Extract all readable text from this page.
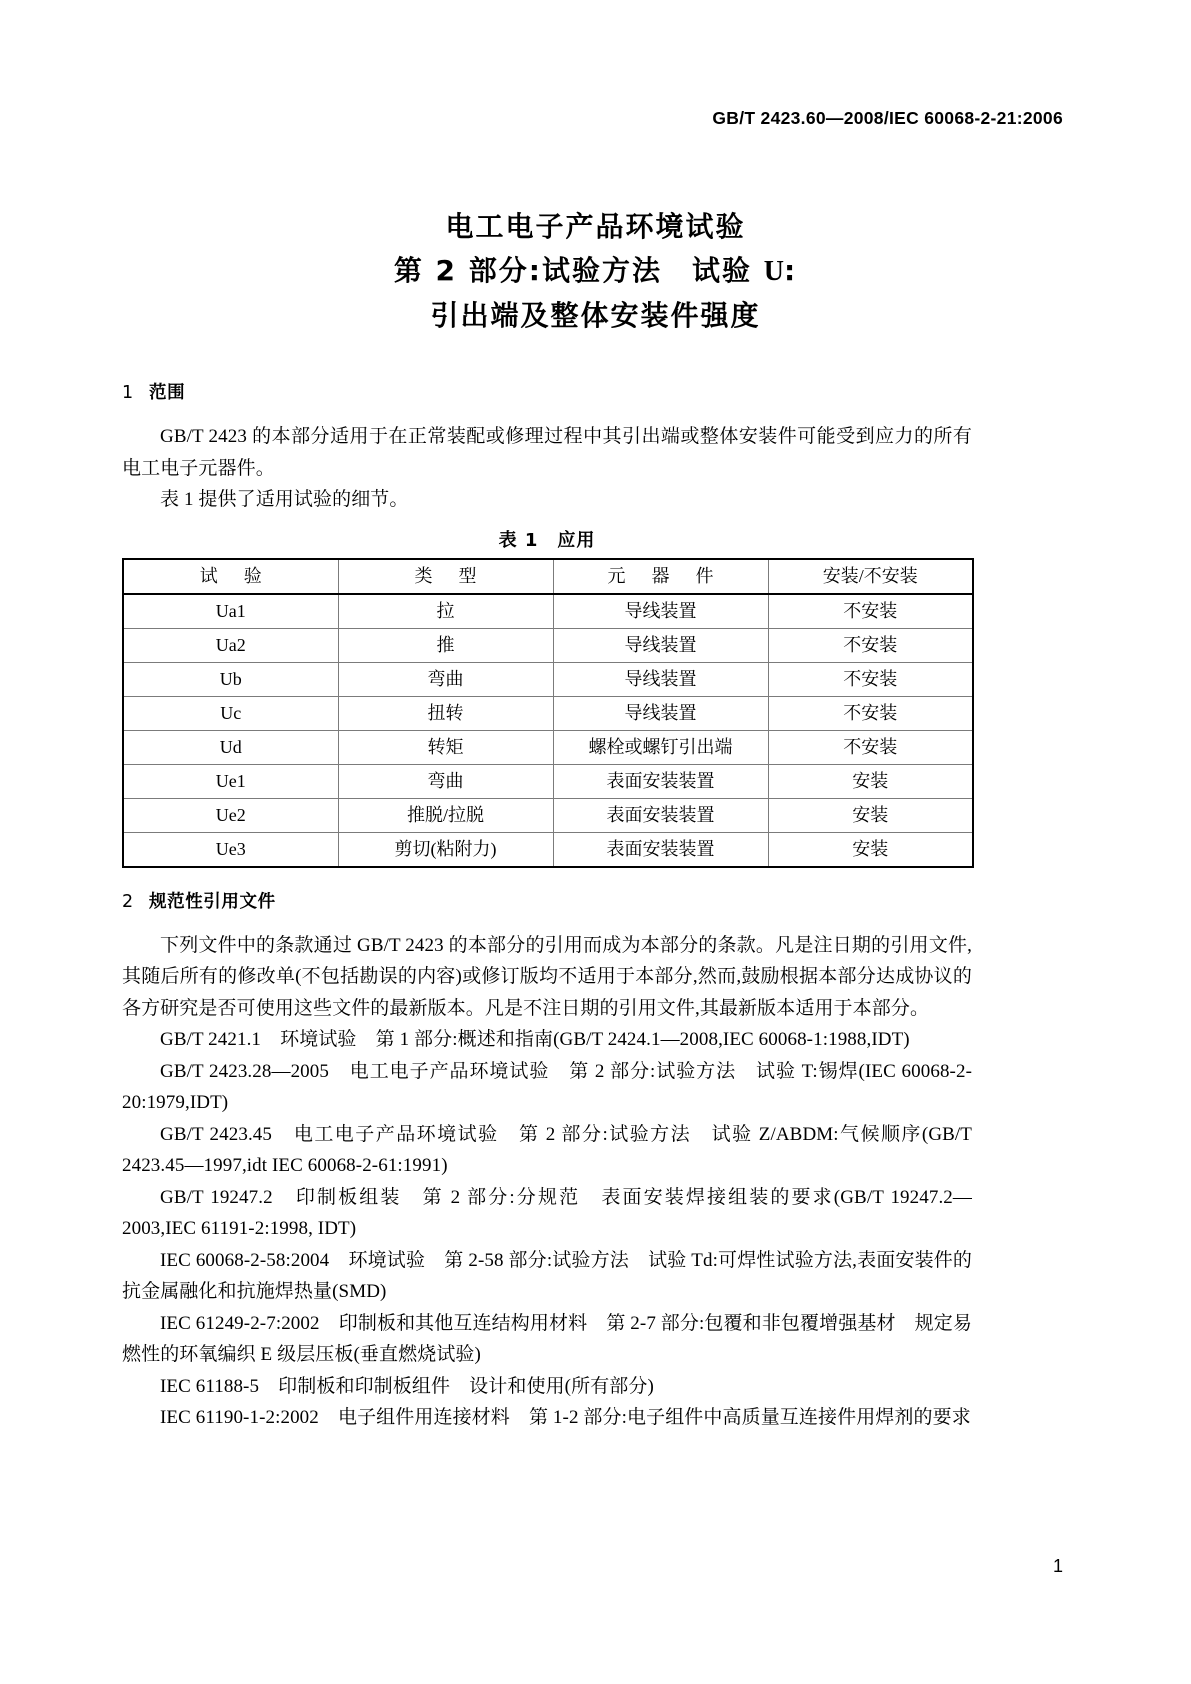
GB/T 2423.60—2008/IEC 60068-2-21:2006
电工电子产品环境试验
第 2 部分:试验方法　试验 U:
引出端及整体安装件强度
1 范围

GB/T 2423 的本部分适用于在正常装配或修理过程中其引出端或整体安装件可能受到应力的所有电工电子元器件。

表 1 提供了适用试验的细节。

表 1　应用
试　验	类　型	元　器　件	安装/不安装
Ua1	拉	导线装置	不安装
Ua2	推	导线装置	不安装
Ub	弯曲	导线装置	不安装
Uc	扭转	导线装置	不安装
Ud	转矩	螺栓或螺钉引出端	不安装
Ue1	弯曲	表面安装装置	安装
Ue2	推脱/拉脱	表面安装装置	安装
Ue3	剪切(粘附力)	表面安装装置	安装
2 规范性引用文件

下列文件中的条款通过 GB/T 2423 的本部分的引用而成为本部分的条款。凡是注日期的引用文件,其随后所有的修改单(不包括勘误的内容)或修订版均不适用于本部分,然而,鼓励根据本部分达成协议的各方研究是否可使用这些文件的最新版本。凡是不注日期的引用文件,其最新版本适用于本部分。

GB/T 2421.1　环境试验　第 1 部分:概述和指南(GB/T 2424.1—2008,IEC 60068-1:1988,IDT)

GB/T 2423.28—2005　电工电子产品环境试验　第 2 部分:试验方法　试验 T:锡焊(IEC 60068-2-20:1979,IDT)

GB/T 2423.45　电工电子产品环境试验　第 2 部分:试验方法　试验 Z/ABDM:气候顺序(GB/T 2423.45—1997,idt IEC 60068-2-61:1991)

GB/T 19247.2　印制板组装　第 2 部分:分规范　表面安装焊接组装的要求(GB/T 19247.2—2003,IEC 61191-2:1998, IDT)

IEC 60068-2-58:2004　环境试验　第 2-58 部分:试验方法　试验 Td:可焊性试验方法,表面安装件的抗金属融化和抗施焊热量(SMD)

IEC 61249-2-7:2002　印制板和其他互连结构用材料　第 2-7 部分:包覆和非包覆增强基材　规定易燃性的环氧编织 E 级层压板(垂直燃烧试验)

IEC 61188-5　印制板和印制板组件　设计和使用(所有部分)

IEC 61190-1-2:2002　电子组件用连接材料　第 1-2 部分:电子组件中高质量互连接件用焊剂的要求

1
